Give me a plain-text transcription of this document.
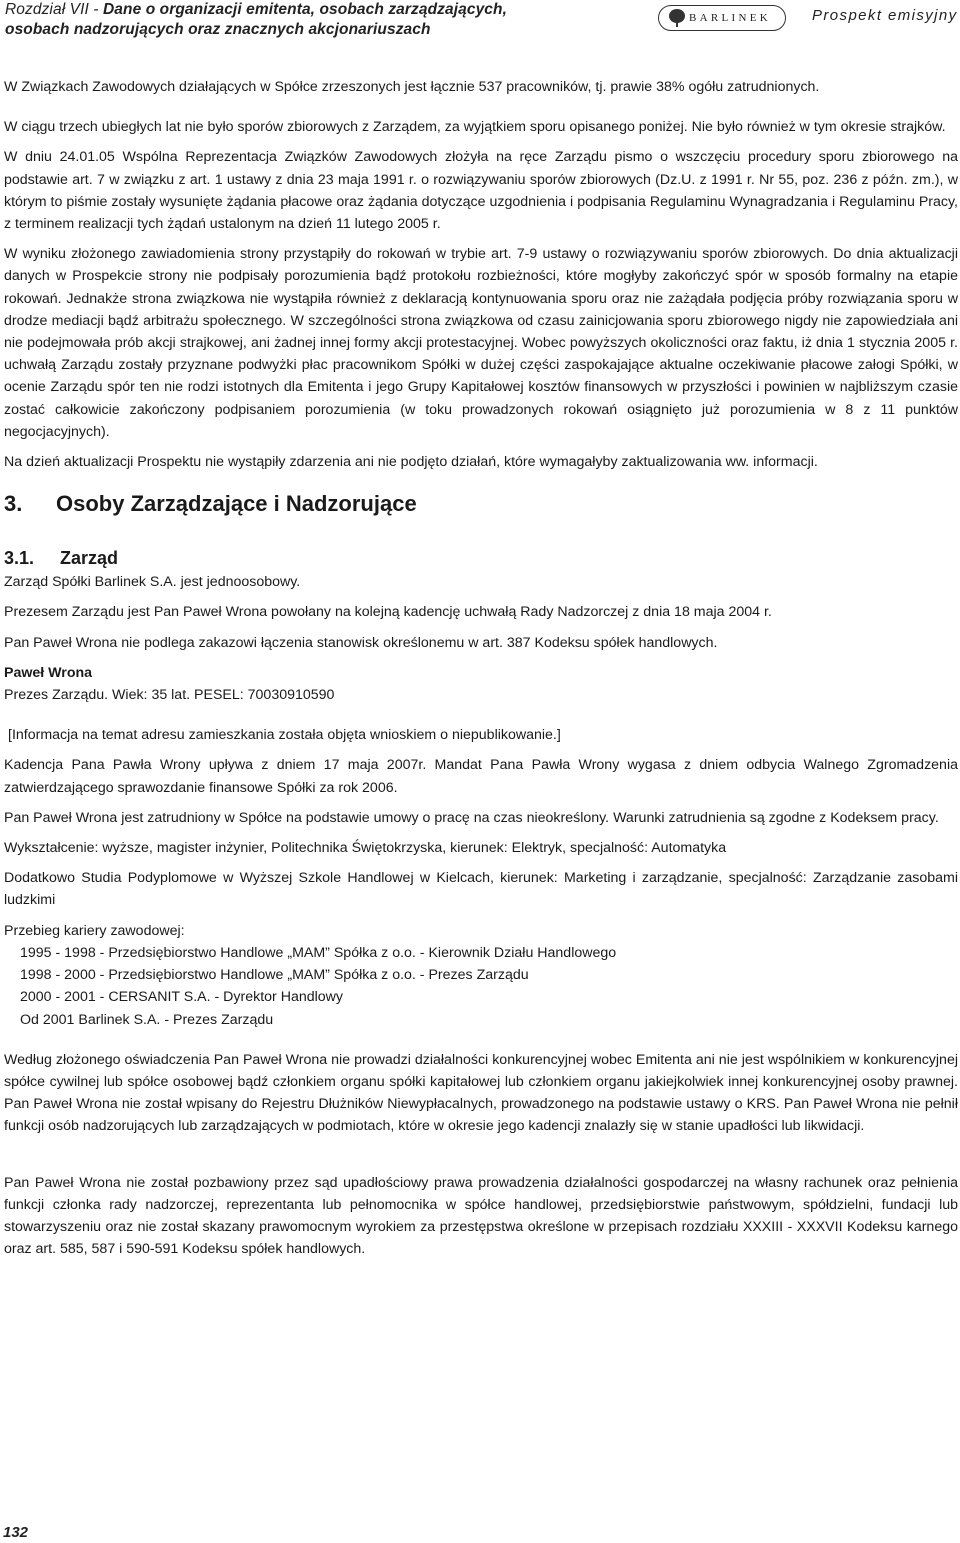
Rozdział VII - Dane o organizacji emitenta, osobach zarządzających,
osobach nadzorujących oraz znacznych akcjonariuszach
BARLINEK	Prospekt emisyjny

W Związkach Zawodowych działających w Spółce zrzeszonych jest łącznie 537 pracowników, tj. prawie 38% ogółu zatrudnionych.

W ciągu trzech ubiegłych lat nie było sporów zbiorowych z Zarządem, za wyjątkiem sporu opisanego poniżej. Nie było również w tym okresie strajków.

W dniu 24.01.05 Wspólna Reprezentacja Związków Zawodowych złożyła na ręce Zarządu pismo o wszczęciu procedury sporu zbiorowego na podstawie art. 7 w związku z art. 1 ustawy z dnia 23 maja 1991 r. o rozwiązywaniu sporów zbiorowych (Dz.U. z 1991 r. Nr 55, poz. 236 z późn. zm.), w którym to piśmie zostały wysunięte żądania płacowe oraz żądania dotyczące uzgodnienia i podpisania Regulaminu Wynagradzania i Regulaminu Pracy, z terminem realizacji tych żądań ustalonym na dzień 11 lutego 2005 r.

W wyniku złożonego zawiadomienia strony przystąpiły do rokowań w trybie art. 7-9 ustawy o rozwiązywaniu sporów zbiorowych. Do dnia aktualizacji danych w Prospekcie strony nie podpisały porozumienia bądź protokołu rozbieżności, które mogłyby zakończyć spór w sposób formalny na etapie rokowań. Jednakże strona związkowa nie wystąpiła również z deklaracją kontynuowania sporu oraz nie zażądała podjęcia próby rozwiązania sporu w drodze mediacji bądź arbitrażu społecznego. W szczególności strona związkowa od czasu zainicjowania sporu zbiorowego nigdy nie zapowiedziała ani nie podejmowała prób akcji strajkowej, ani żadnej innej formy akcji protestacyjnej. Wobec powyższych okoliczności oraz faktu, iż dnia 1 stycznia 2005 r. uchwałą Zarządu zostały przyznane podwyżki płac pracownikom Spółki w dużej części zaspokajające aktualne oczekiwanie płacowe załogi Spółki, w ocenie Zarządu spór ten nie rodzi istotnych dla Emitenta i jego Grupy Kapitałowej kosztów finansowych w przyszłości i powinien w najbliższym czasie zostać całkowicie zakończony podpisaniem porozumienia (w toku prowadzonych rokowań osiągnięto już porozumienia w 8 z 11 punktów negocjacyjnych).

Na dzień aktualizacji Prospektu nie wystąpiły zdarzenia ani nie podjęto działań, które wymagałyby zaktualizowania ww. informacji.

3. Osoby Zarządzające i Nadzorujące
3.1. Zarząd

Zarząd Spółki Barlinek S.A. jest jednoosobowy.

Prezesem Zarządu jest Pan Paweł Wrona powołany na kolejną kadencję uchwałą Rady Nadzorczej z dnia 18 maja 2004 r.

Pan Paweł Wrona nie podlega zakazowi łączenia stanowisk określonemu w art. 387 Kodeksu spółek handlowych.

Paweł Wrona

Prezes Zarządu. Wiek: 35 lat. PESEL: 70030910590

[Informacja na temat adresu zamieszkania została objęta wnioskiem o niepublikowanie.]

Kadencja Pana Pawła Wrony upływa z dniem 17 maja 2007r. Mandat Pana Pawła Wrony wygasa z dniem odbycia Walnego Zgromadzenia zatwierdzającego sprawozdanie finansowe Spółki za rok 2006.

Pan Paweł Wrona jest zatrudniony w Spółce na podstawie umowy o pracę na czas nieokreślony. Warunki zatrudnienia są zgodne z Kodeksem pracy.

Wykształcenie: wyższe, magister inżynier, Politechnika Świętokrzyska, kierunek: Elektryk, specjalność: Automatyka

Dodatkowo Studia Podyplomowe w Wyższej Szkole Handlowej w Kielcach, kierunek: Marketing i zarządzanie, specjalność: Zarządzanie zasobami ludzkimi

Przebieg kariery zawodowej:

1995 - 1998 - Przedsiębiorstwo Handlowe „MAM” Spółka z o.o. - Kierownik Działu Handlowego
1998 - 2000 - Przedsiębiorstwo Handlowe „MAM” Spółka z o.o. - Prezes Zarządu
2000 - 2001 - CERSANIT S.A. - Dyrektor Handlowy
Od 2001 Barlinek S.A. - Prezes Zarządu

Według złożonego oświadczenia Pan Paweł Wrona nie prowadzi działalności konkurencyjnej wobec Emitenta ani nie jest wspólnikiem w konkurencyjnej spółce cywilnej lub spółce osobowej bądź członkiem organu spółki kapitałowej lub członkiem organu jakiejkolwiek innej konkurencyjnej osoby prawnej. Pan Paweł Wrona nie został wpisany do Rejestru Dłużników Niewypłacalnych, prowadzonego na podstawie ustawy o KRS. Pan Paweł Wrona nie pełnił funkcji osób nadzorujących lub zarządzających w podmiotach, które w okresie jego kadencji znalazły się w stanie upadłości lub likwidacji.

Pan Paweł Wrona nie został pozbawiony przez sąd upadłościowy prawa prowadzenia działalności gospodarczej na własny rachunek oraz pełnienia funkcji członka rady nadzorczej, reprezentanta lub pełnomocnika w spółce handlowej, przedsiębiorstwie państwowym, spółdzielni, fundacji lub stowarzyszeniu oraz nie został skazany prawomocnym wyrokiem za przestępstwa określone w przepisach rozdziału XXXIII - XXXVII Kodeksu karnego oraz art. 585, 587 i 590-591 Kodeksu spółek handlowych.

132
